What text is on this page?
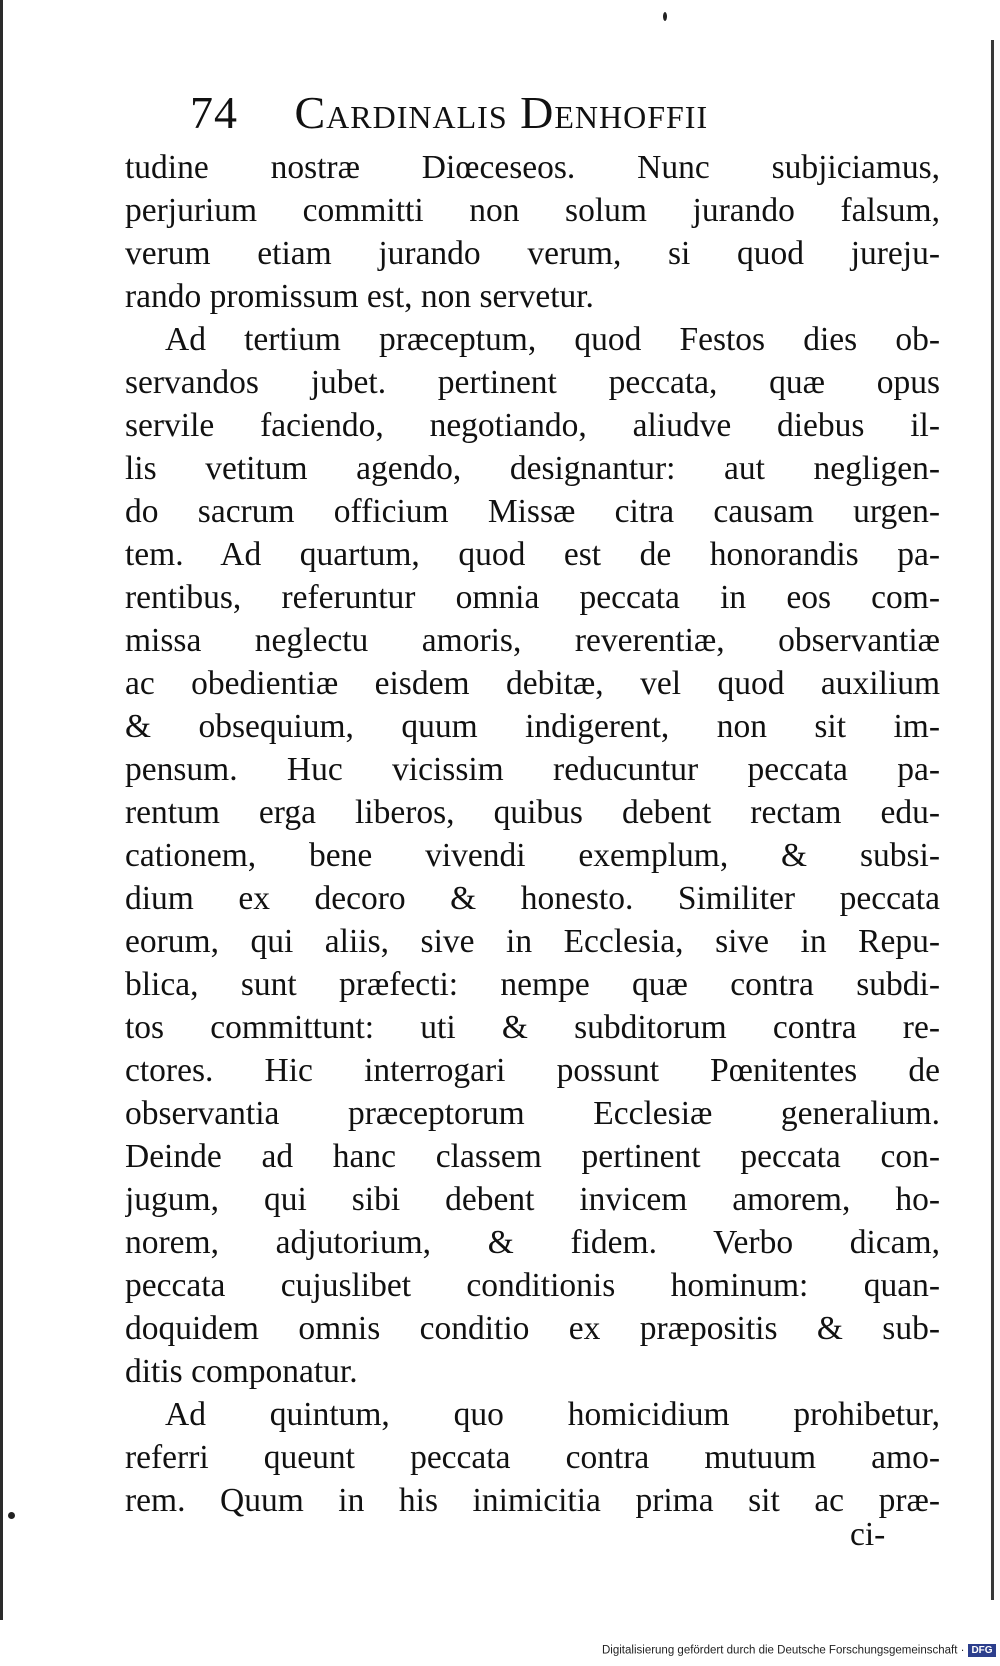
74 Cardinalis Denhoffii
tudine nostræ Diœceseos. Nunc subjiciamus,
perjurium committi non solum jurando falsum,
verum etiam jurando verum, si quod jureju-
rando promissum est, non servetur.
Ad tertium præceptum, quod Festos dies ob-
servandos jubet. pertinent peccata, quæ opus
servile faciendo, negotiando, aliudve diebus il-
lis vetitum agendo, designantur: aut negligen-
do sacrum officium Missæ citra causam urgen-
tem. Ad quartum, quod est de honorandis pa-
rentibus, referuntur omnia peccata in eos com-
missa neglectu amoris, reverentiæ, observantiæ
ac obedientiæ eisdem debitæ, vel quod auxilium
& obsequium, quum indigerent, non sit im-
pensum. Huc vicissim reducuntur peccata pa-
rentum erga liberos, quibus debent rectam edu-
cationem, bene vivendi exemplum, & subsi-
dium ex decoro & honesto. Similiter peccata
eorum, qui aliis, sive in Ecclesia, sive in Repu-
blica, sunt præfecti: nempe quæ contra subdi-
tos committunt: uti & subditorum contra re-
ctores. Hic interrogari possunt Pœnitentes de
observantia præceptorum Ecclesiæ generalium.
Deinde ad hanc classem pertinent peccata con-
jugum, qui sibi debent invicem amorem, ho-
norem, adjutorium, & fidem. Verbo dicam,
peccata cujuslibet conditionis hominum: quan-
doquidem omnis conditio ex præpositis & sub-
ditis componatur.
Ad quintum, quo homicidium prohibetur,
referri queunt peccata contra mutuum amo-
rem. Quum in his inimicitia prima sit ac præ-
ci-
Digitalisierung gefördert durch die Deutsche Forschungsgemeinschaft · DFG
